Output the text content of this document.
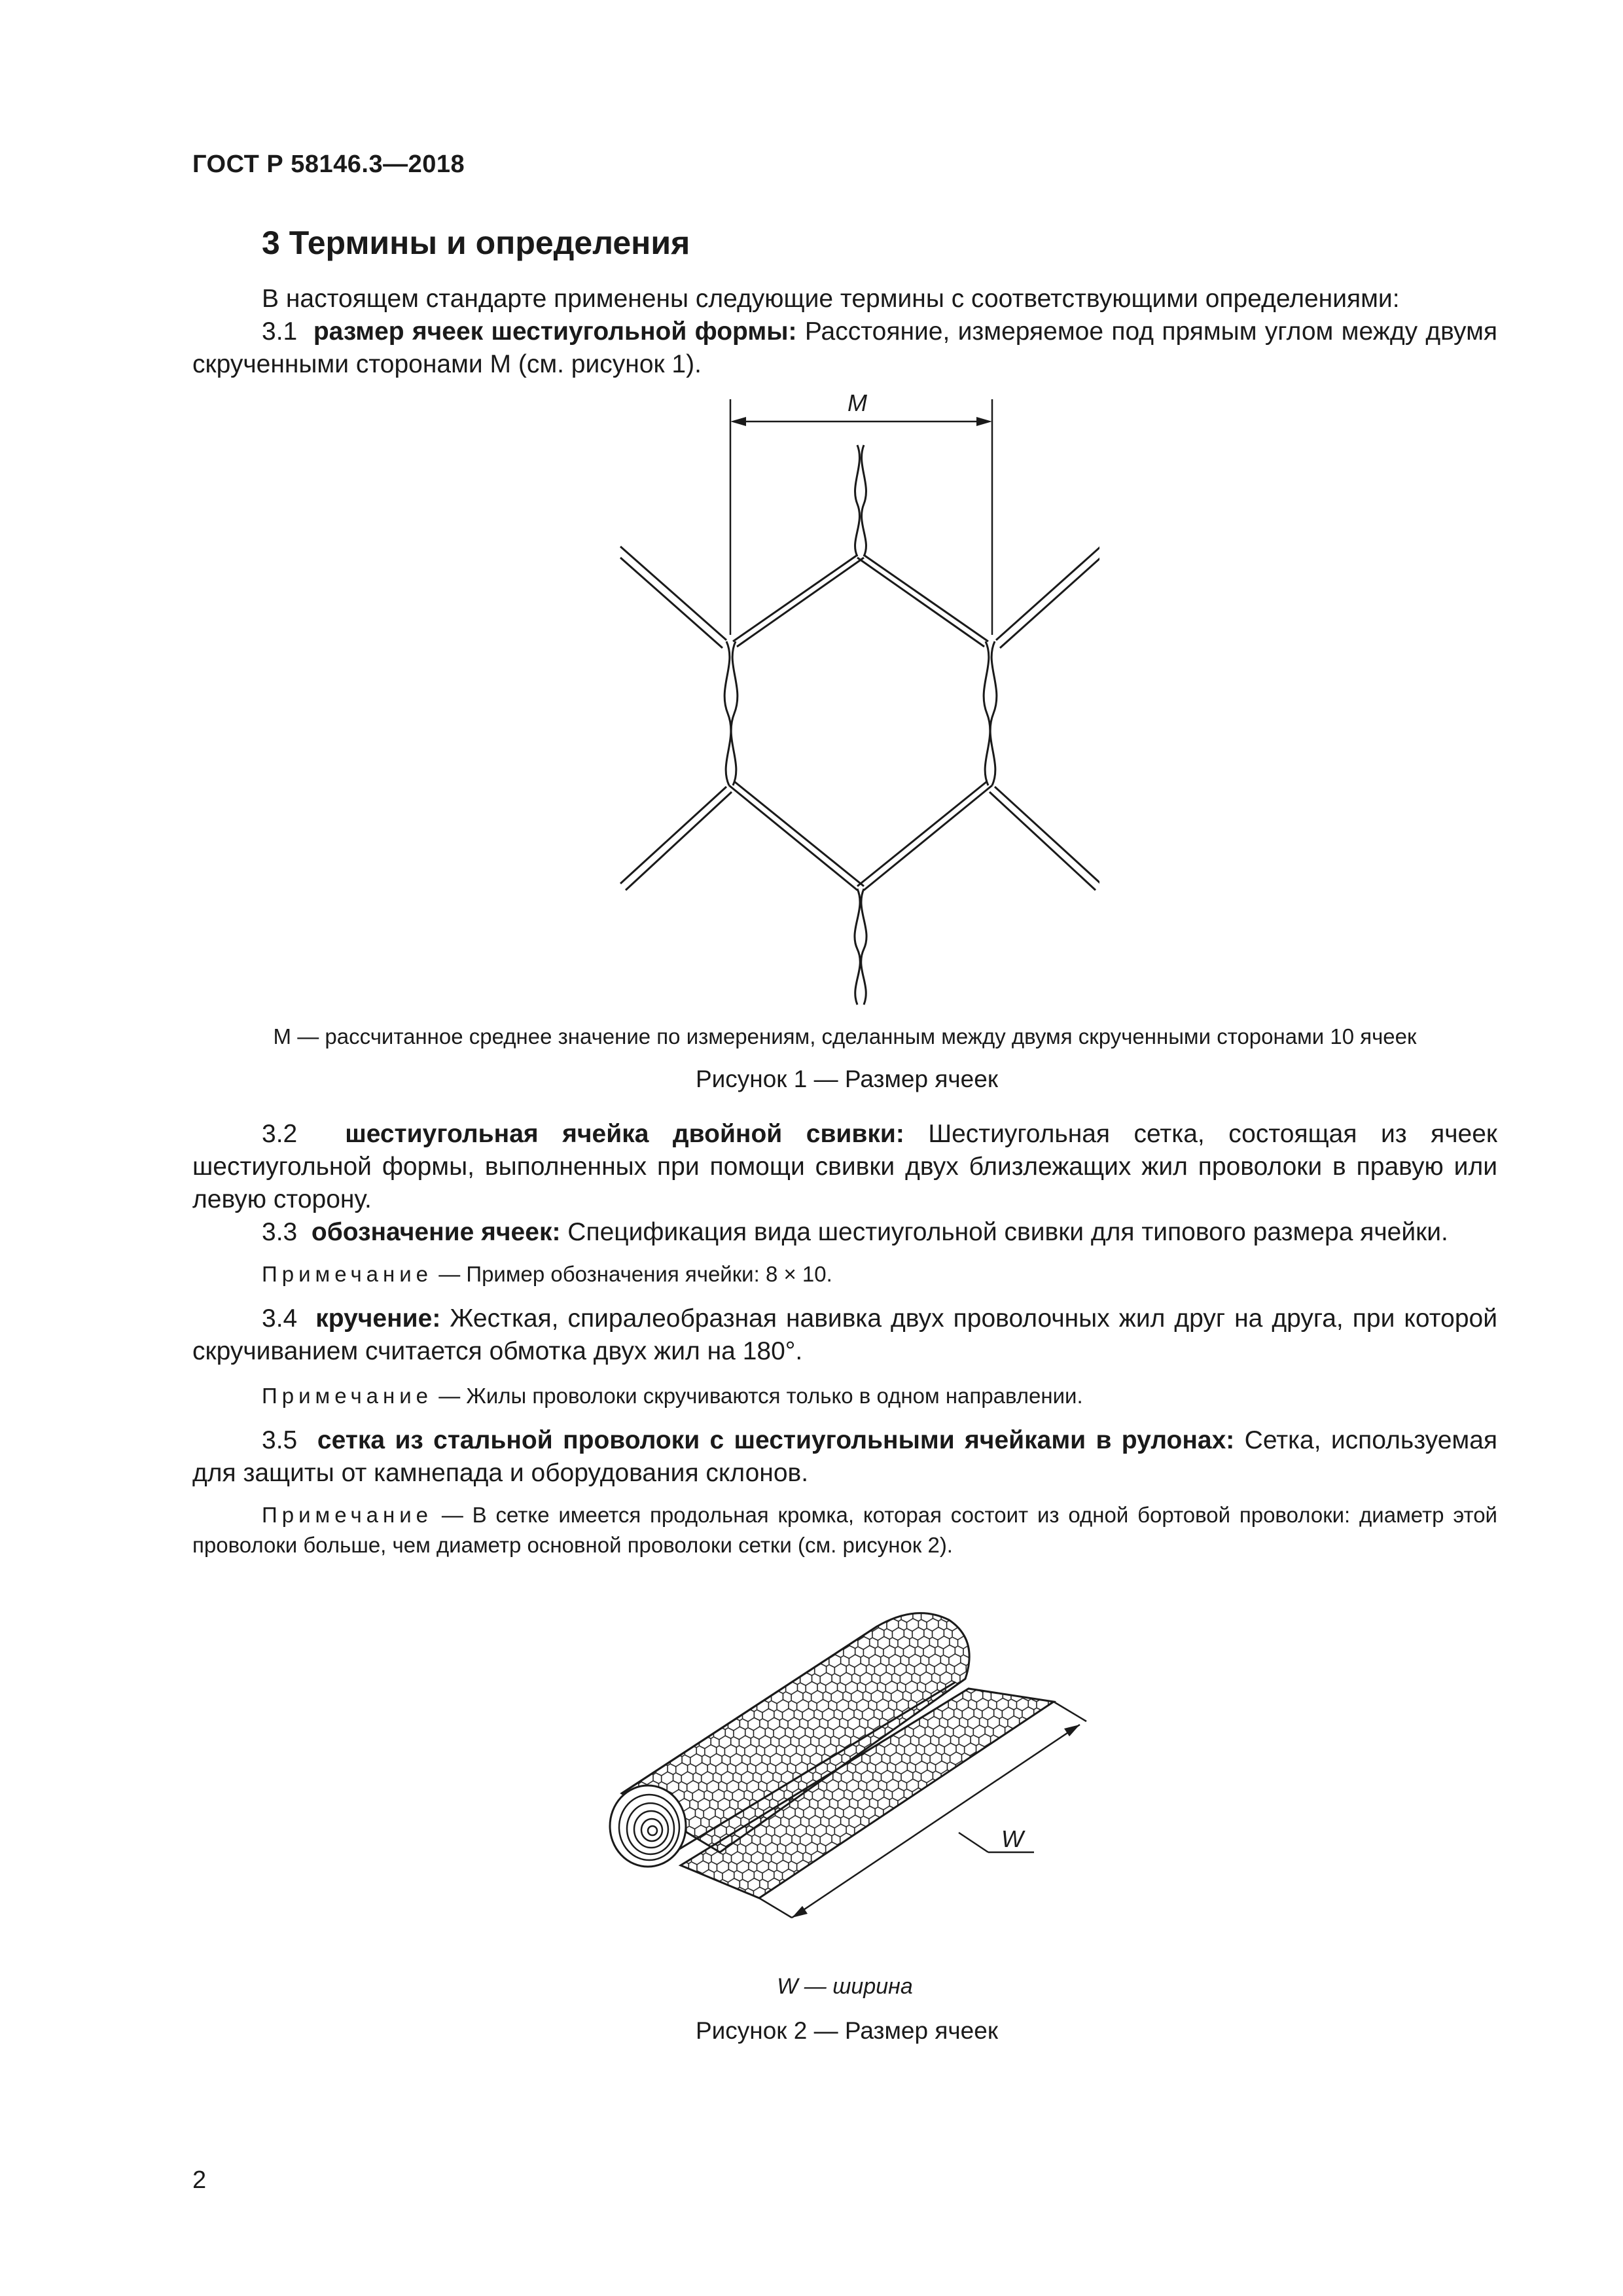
ГОСТ Р 58146.3—2018
3 Термины и определения

В настоящем стандарте применены следующие термины с соответствующими определениями:

3.1 размер ячеек шестиугольной формы: Расстояние, измеряемое под прямым углом между двумя скрученными сторонами М (см. рисунок 1).

M
М — рассчитанное среднее значение по измерениям, сделанным между двумя скрученными сторонами 10 ячеек
Рисунок 1 — Размер ячеек

3.2 шестиугольная ячейка двойной свивки: Шестиугольная сетка, состоящая из ячеек шестиугольной формы, выполненных при помощи свивки двух близлежащих жил проволоки в правую или левую сторону.

3.3 обозначение ячеек: Спецификация вида шестиугольной свивки для типового размера ячейки.

Примечание — Пример обозначения ячейки: 8 × 10.

3.4 кручение: Жесткая, спиралеобразная навивка двух проволочных жил друг на друга, при которой скручиванием считается обмотка двух жил на 180°.

Примечание — Жилы проволоки скручиваются только в одном направлении.

3.5 сетка из стальной проволоки с шестиугольными ячейками в рулонах: Сетка, используемая для защиты от камнепада и оборудования склонов.

Примечание — В сетке имеется продольная кромка, которая состоит из одной бортовой проволоки: диаметр этой проволоки больше, чем диаметр основной проволоки сетки (см. рисунок 2).

W
W — ширина
Рисунок 2 — Размер ячеек
2
